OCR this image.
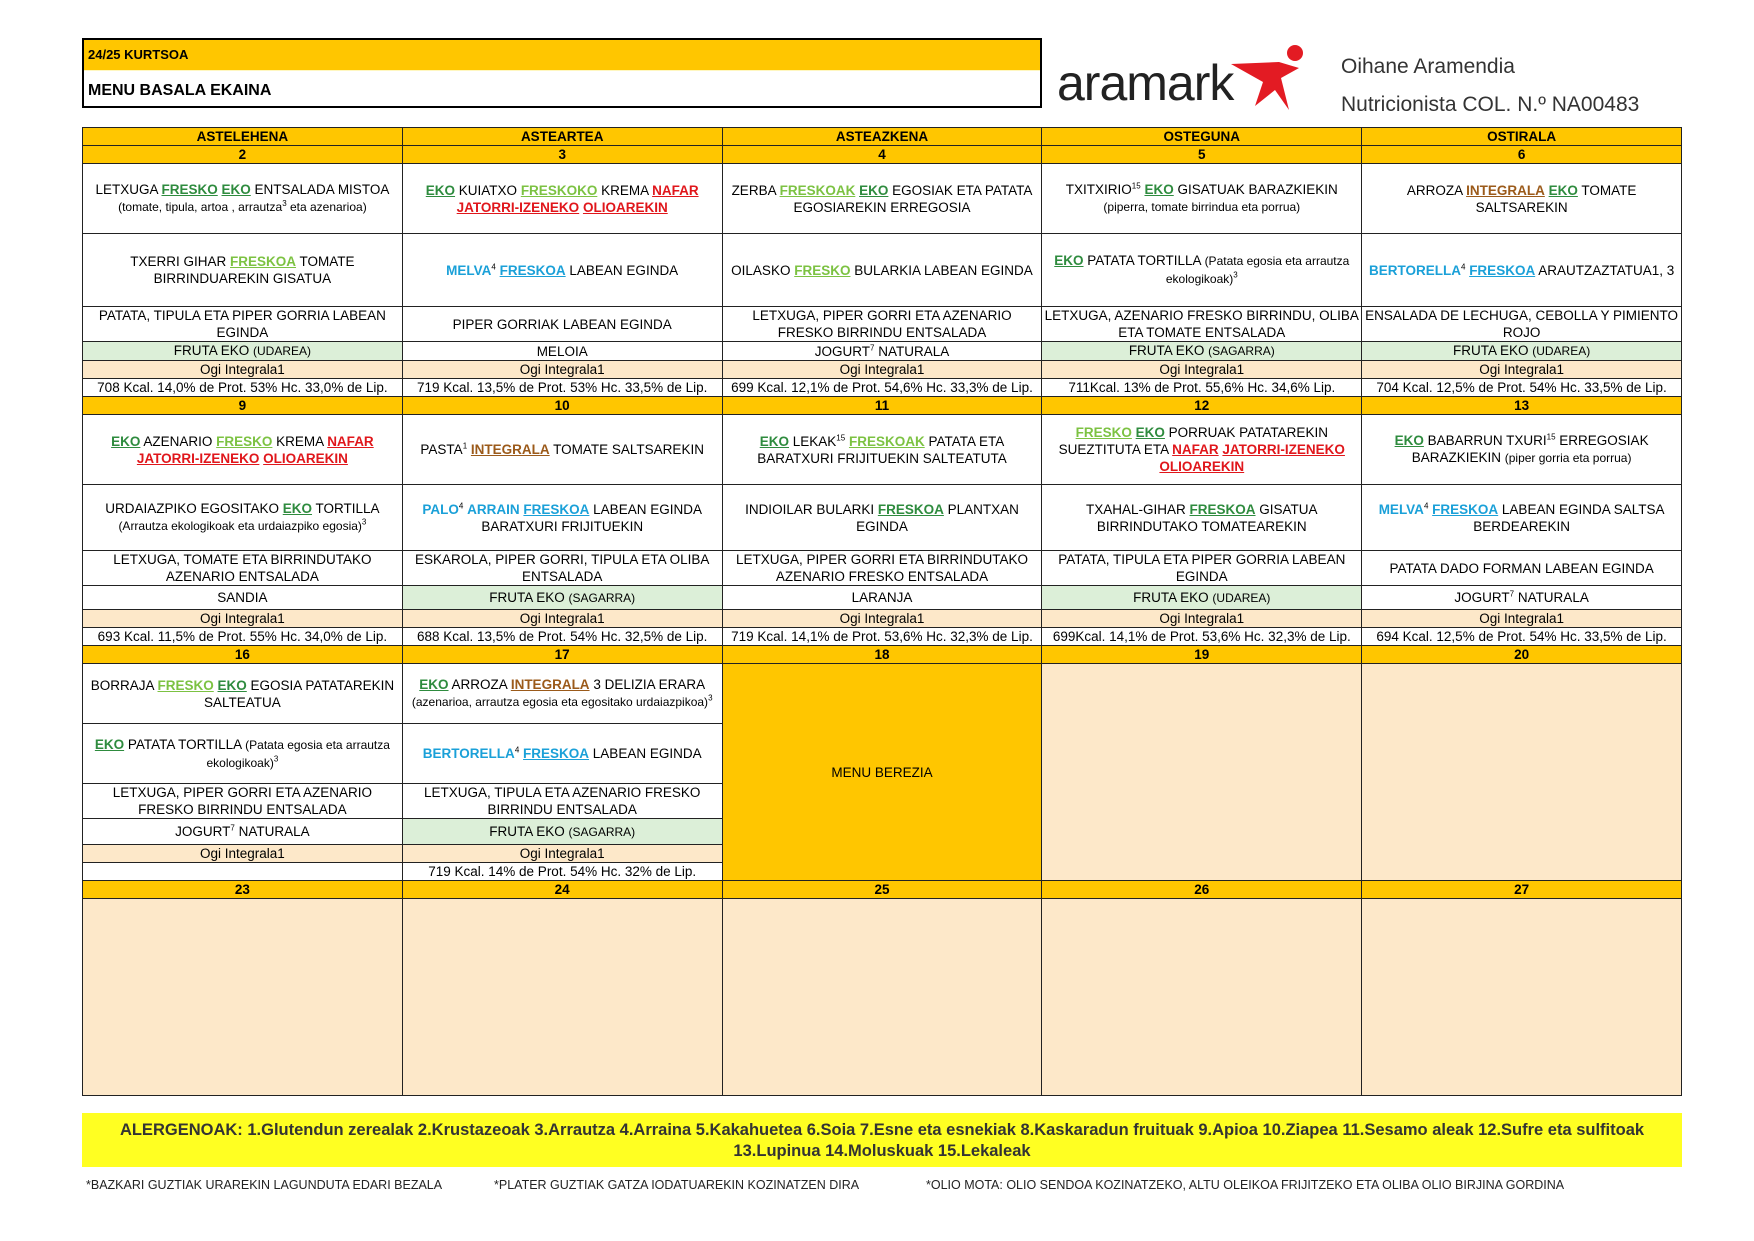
24/25 KURTSOA
MENU BASALA EKAINA	aramark	Oihane Aramendia
Nutricionista COL. N.º NA00483
ASTELEHENA	ASTEARTEA	ASTEAZKENA	OSTEGUNA	OSTIRALA
2	3	4	5	6
LETXUGA FRESKO EKO ENTSALADA MISTOA (tomate, tipula, artoa , arrautza$^3$ eta azenarioa)	EKO KUIATXO FRESKOKO KREMA NAFAR JATORRI-IZENEKO OLIOAREKIN	ZERBA FRESKOAK EKO EGOSIAK ETA PATATA EGOSIAREKIN ERREGOSIA	TXITXIRIO$^{15}$ EKO GISATUAK BARAZKIEKIN (piperra, tomate birrindua eta porrua)	ARROZA INTEGRALA EKO TOMATE SALTSAREKIN
TXERRI GIHAR FRESKOA TOMATE BIRRINDUAREKIN GISATUA	MELVA$^4$ FRESKOA LABEAN EGINDA	OILASKO FRESKO BULARKIA LABEAN EGINDA	EKO PATATA TORTILLA (Patata egosia eta arrautza ekologikoak)$^3$	BERTORELLA$^4$ FRESKOA ARAUTZAZTATUA1, 3
PATATA, TIPULA ETA PIPER GORRIA LABEAN EGINDA	PIPER GORRIAK LABEAN EGINDA	LETXUGA, PIPER GORRI ETA AZENARIO FRESKO BIRRINDU ENTSALADA	LETXUGA, AZENARIO FRESKO BIRRINDU, OLIBA ETA TOMATE ENTSALADA	ENSALADA DE LECHUGA, CEBOLLA Y PIMIENTO ROJO
FRUTA EKO (UDAREA)	MELOIA	JOGURT$^7$ NATURALA	FRUTA EKO (SAGARRA)	FRUTA EKO (UDAREA)
Ogi Integrala1	Ogi Integrala1	Ogi Integrala1	Ogi Integrala1	Ogi Integrala1
708 Kcal. 14,0% de Prot. 53% Hc. 33,0% de Lip.	719 Kcal. 13,5% de Prot. 53% Hc. 33,5% de Lip.	699 Kcal. 12,1% de Prot. 54,6% Hc. 33,3% de Lip.	711Kcal. 13% de Prot. 55,6% Hc. 34,6% Lip.	704 Kcal. 12,5% de Prot. 54% Hc. 33,5% de Lip.
9	10	11	12	13
EKO AZENARIO FRESKO KREMA NAFAR JATORRI-IZENEKO OLIOAREKIN	PASTA$^1$ INTEGRALA TOMATE SALTSAREKIN	EKO LEKAK$^{15}$ FRESKOAK PATATA ETA BARATXURI FRIJITUEKIN SALTEATUTA	FRESKO EKO PORRUAK PATATAREKIN SUEZTITUTA ETA NAFAR JATORRI-IZENEKO OLIOAREKIN	EKO BABARRUN TXURI$^{15}$ ERREGOSIAK BARAZKIEKIN (piper gorria eta porrua)
URDAIAZPIKO EGOSITAKO EKO TORTILLA (Arrautza ekologikoak eta urdaiazpiko egosia)$^3$	PALO$^4$ ARRAIN FRESKOA LABEAN EGINDA BARATXURI FRIJITUEKIN	INDIOILAR BULARKI FRESKOA PLANTXAN EGINDA	TXAHAL-GIHAR FRESKOA GISATUA BIRRINDUTAKO TOMATEAREKIN	MELVA$^4$ FRESKOA LABEAN EGINDA SALTSA BERDEAREKIN
LETXUGA, TOMATE ETA BIRRINDUTAKO AZENARIO ENTSALADA	ESKAROLA, PIPER GORRI, TIPULA ETA OLIBA ENTSALADA	LETXUGA, PIPER GORRI ETA BIRRINDUTAKO AZENARIO FRESKO ENTSALADA	PATATA, TIPULA ETA PIPER GORRIA LABEAN EGINDA	PATATA DADO FORMAN LABEAN EGINDA
SANDIA	FRUTA EKO (SAGARRA)	LARANJA	FRUTA EKO (UDAREA)	JOGURT$^7$ NATURALA
Ogi Integrala1	Ogi Integrala1	Ogi Integrala1	Ogi Integrala1	Ogi Integrala1
693 Kcal. 11,5% de Prot. 55% Hc. 34,0% de Lip.	688 Kcal. 13,5% de Prot. 54% Hc. 32,5% de Lip.	719 Kcal. 14,1% de Prot. 53,6% Hc. 32,3% de Lip.	699Kcal. 14,1% de Prot. 53,6% Hc. 32,3% de Lip.	694 Kcal. 12,5% de Prot. 54% Hc. 33,5% de Lip.
16	17	18	19	20
BORRAJA FRESKO EKO EGOSIA PATATAREKIN SALTEATUA	EKO ARROZA INTEGRALA 3 DELIZIA ERARA (azenarioa, arrautza egosia eta egositako urdaiazpikoa)$^3$	MENU BEREZIA		
EKO PATATA TORTILLA (Patata egosia eta arrautza ekologikoak)$^3$	BERTORELLA$^4$ FRESKOA LABEAN EGINDA			
LETXUGA, PIPER GORRI ETA AZENARIO FRESKO BIRRINDU ENTSALADA	LETXUGA, TIPULA ETA AZENARIO FRESKO BIRRINDU ENTSALADA			
JOGURT$^7$ NATURALA	FRUTA EKO (SAGARRA)			
Ogi Integrala1	Ogi Integrala1			
	719 Kcal. 14% de Prot. 54% Hc. 32% de Lip.			
23	24	25	26	27

ALERGENOAK: 1.Glutendun zerealak 2.Krustazeoak 3.Arrautza 4.Arraina 5.Kakahuetea 6.Soia 7.Esne eta esnekiak 8.Kaskaradun fruituak 9.Apioa 10.Ziapea 11.Sesamo aleak 12.Sufre eta sulfitoak 13.Lupinua 14.Moluskuak 15.Lekaleak
*BAZKARI GUZTIAK URAREKIN LAGUNDUTA EDARI BEZALA	*PLATER GUZTIAK GATZA IODATUAREKIN KOZINATZEN DIRA	*OLIO MOTA: OLIO SENDOA KOZINATZEKO, ALTU OLEIKOA FRIJITZEKO ETA OLIBA OLIO BIRJINA GORDINA
